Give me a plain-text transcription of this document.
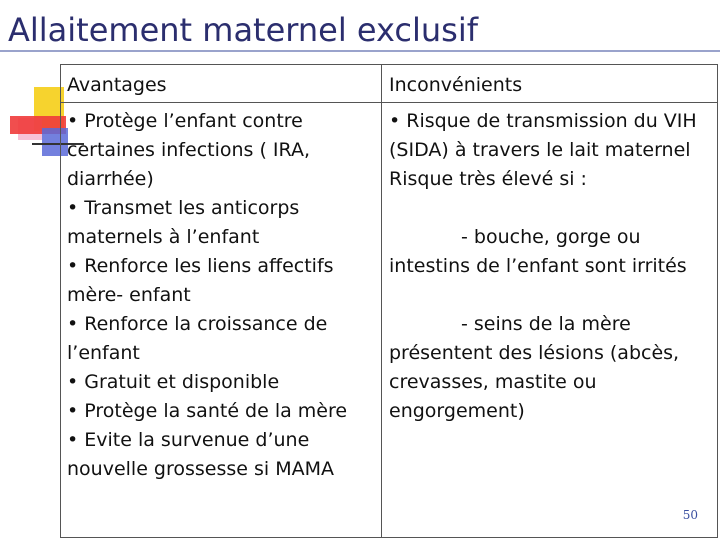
Allaitement maternel exclusif
Avantages	Inconvénients

• Protège l’enfant contre certaines infections ( IRA, diarrhée)

• Transmet les anticorps maternels à l’enfant

• Renforce les liens affectifs mère- enfant

• Renforce la croissance de l’enfant

• Gratuit et disponible

• Protège la santé de la mère

• Evite la survenue d’une nouvelle grossesse si MAMA

• Risque de transmission du VIH (SIDA) à travers le lait maternel

Risque très élevé si :

- bouche, gorge ou

intestins de l’enfant sont irrités

- seins de la mère

présentent des lésions (abcès, crevasses, mastite ou engorgement)

50
